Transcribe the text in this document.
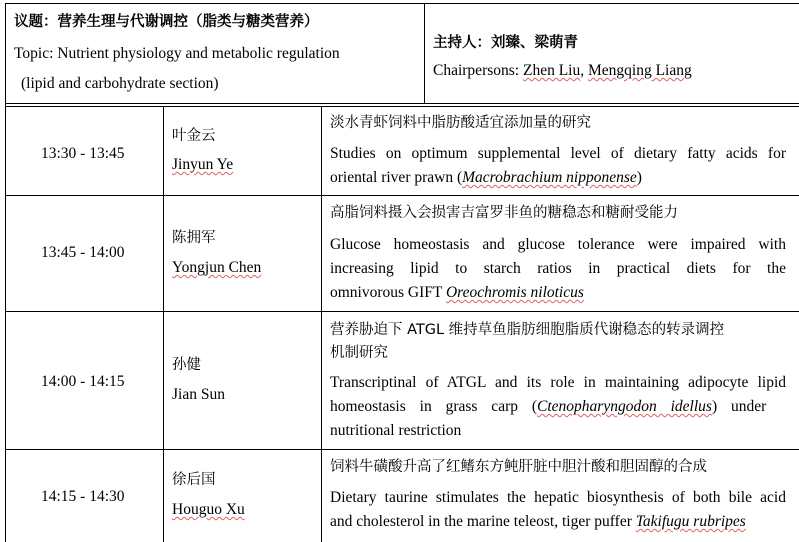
议题：营养生理与代谢调控（脂类与糖类营养）
Topic: Nutrient physiology and metabolic regulation
(lipid and carbohydrate section)
主持人：刘臻、梁萌青
Chairpersons: Zhen Liu, Mengqing Liang
13:30 - 13:45
叶金云
Jinyun Ye
淡水青虾饲料中脂肪酸适宜添加量的研究
Studies on optimum supplemental level of dietary fatty acids for
oriental river prawn (Macrobrachium nipponense)
13:45 - 14:00
陈拥军
Yongjun Chen
高脂饲料摄入会损害吉富罗非鱼的糖稳态和糖耐受能力
Glucose homeostasis and glucose tolerance were impaired with
increasing lipid to starch ratios in practical diets for the
omnivorous GIFT Oreochromis niloticus
14:00 - 14:15
孙健
Jian Sun
营养胁迫下 ATGL 维持草鱼脂肪细胞脂质代谢稳态的转录调控
机制研究
Transcriptinal of ATGL and its role in maintaining adipocyte lipid
homeostasis in grass carp (Ctenopharyngodon idellus) under
nutritional restriction
14:15 - 14:30
徐后国
Houguo Xu
饲料牛磺酸升高了红鳍东方鲀肝脏中胆汁酸和胆固醇的合成
Dietary taurine stimulates the hepatic biosynthesis of both bile acid
and cholesterol in the marine teleost, tiger puffer Takifugu rubripes
